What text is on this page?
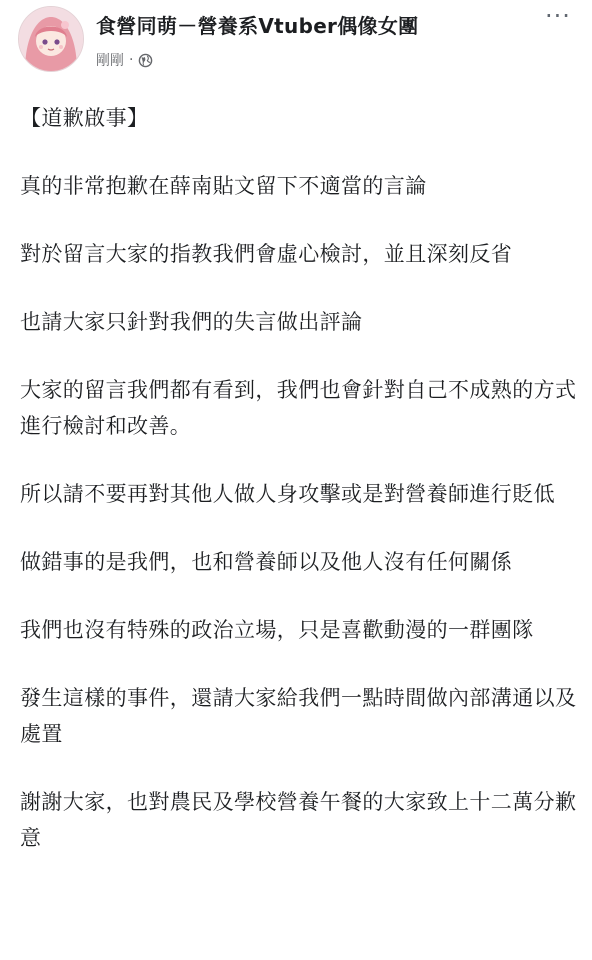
食營同萌－營養系Vtuber偶像女團
剛剛 ·
···

【道歉啟事】

真的非常抱歉在薛南貼文留下不適當的言論

對於留言大家的指教我們會虛心檢討，並且深刻反省

也請大家只針對我們的失言做出評論

大家的留言我們都有看到，我們也會針對自己不成熟的方式進行檢討和改善。

所以請不要再對其他人做人身攻擊或是對營養師進行貶低

做錯事的是我們，也和營養師以及他人沒有任何關係

我們也沒有特殊的政治立場，只是喜歡動漫的一群團隊

發生這樣的事件，還請大家給我們一點時間做內部溝通以及處置

謝謝大家，也對農民及學校營養午餐的大家致上十二萬分歉意
